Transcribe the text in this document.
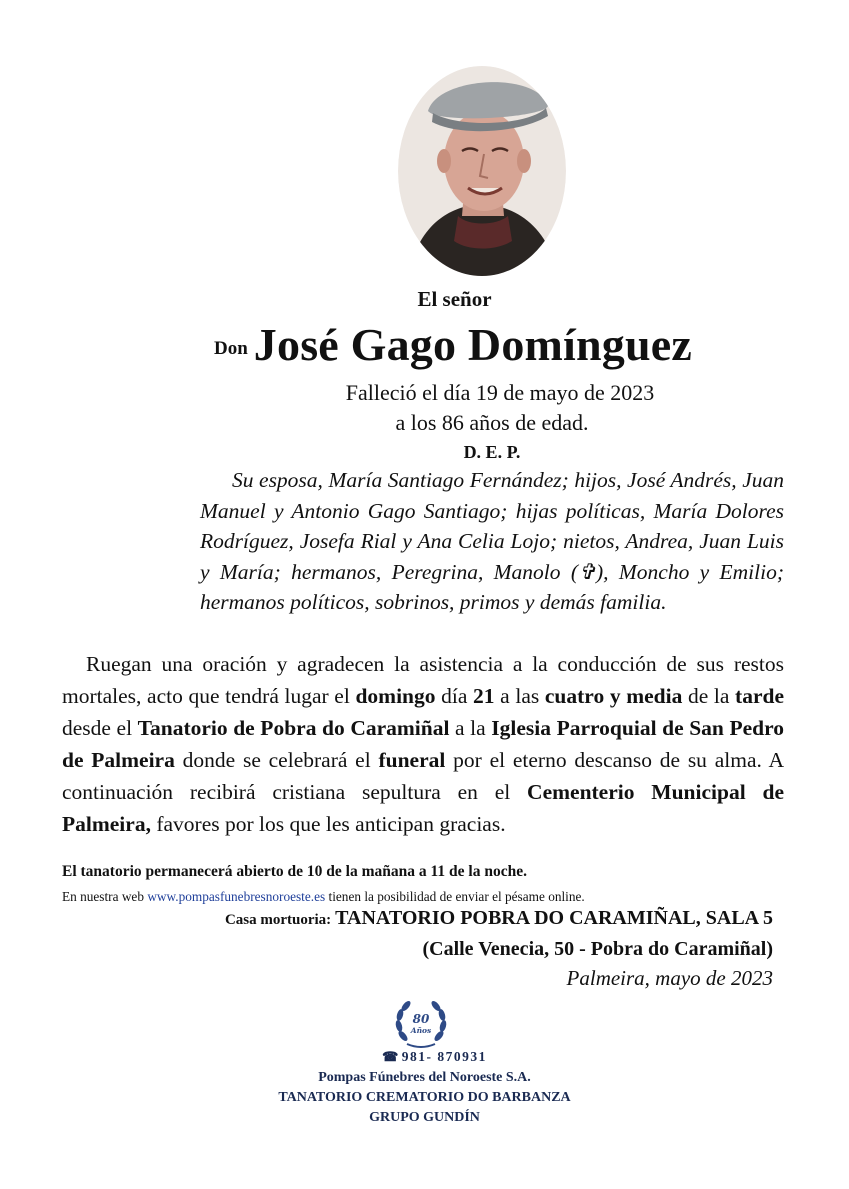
El señor
Don José Gago Domínguez
Falleció el día 19 de mayo de 2023
a los 86 años de edad.
D. E. P.
Su esposa, María Santiago Fernández; hijos, José Andrés, Juan Manuel y Antonio Gago Santiago; hijas políticas, María Dolores Rodríguez, Josefa Rial y Ana Celia Lojo; nietos, Andrea, Juan Luis y María; hermanos, Peregrina, Manolo (✞), Moncho y Emilio; hermanos políticos, sobrinos, primos y demás familia.
Ruegan una oración y agradecen la asistencia a la conducción de sus restos mortales, acto que tendrá lugar el domingo día 21 a las cuatro y media de la tarde desde el Tanatorio de Pobra do Caramiñal a la Iglesia Parroquial de San Pedro de Palmeira donde se celebrará el funeral por el eterno descanso de su alma. A continuación recibirá cristiana sepultura en el Cementerio Municipal de Palmeira, favores por los que les anticipan gracias.
El tanatorio permanecerá abierto de 10 de la mañana a 11 de la noche.
En nuestra web www.pompasfunebresnoroeste.es tienen la posibilidad de enviar el pésame online.
Casa mortuoria: TANATORIO POBRA DO CARAMIÑAL, SALA 5
(Calle Venecia, 50 - Pobra do Caramiñal)
Palmeira, mayo de 2023
80
Años
☎ 981- 870931
Pompas Fúnebres del Noroeste S.A.
TANATORIO CREMATORIO DO BARBANZA
GRUPO GUNDÍN
